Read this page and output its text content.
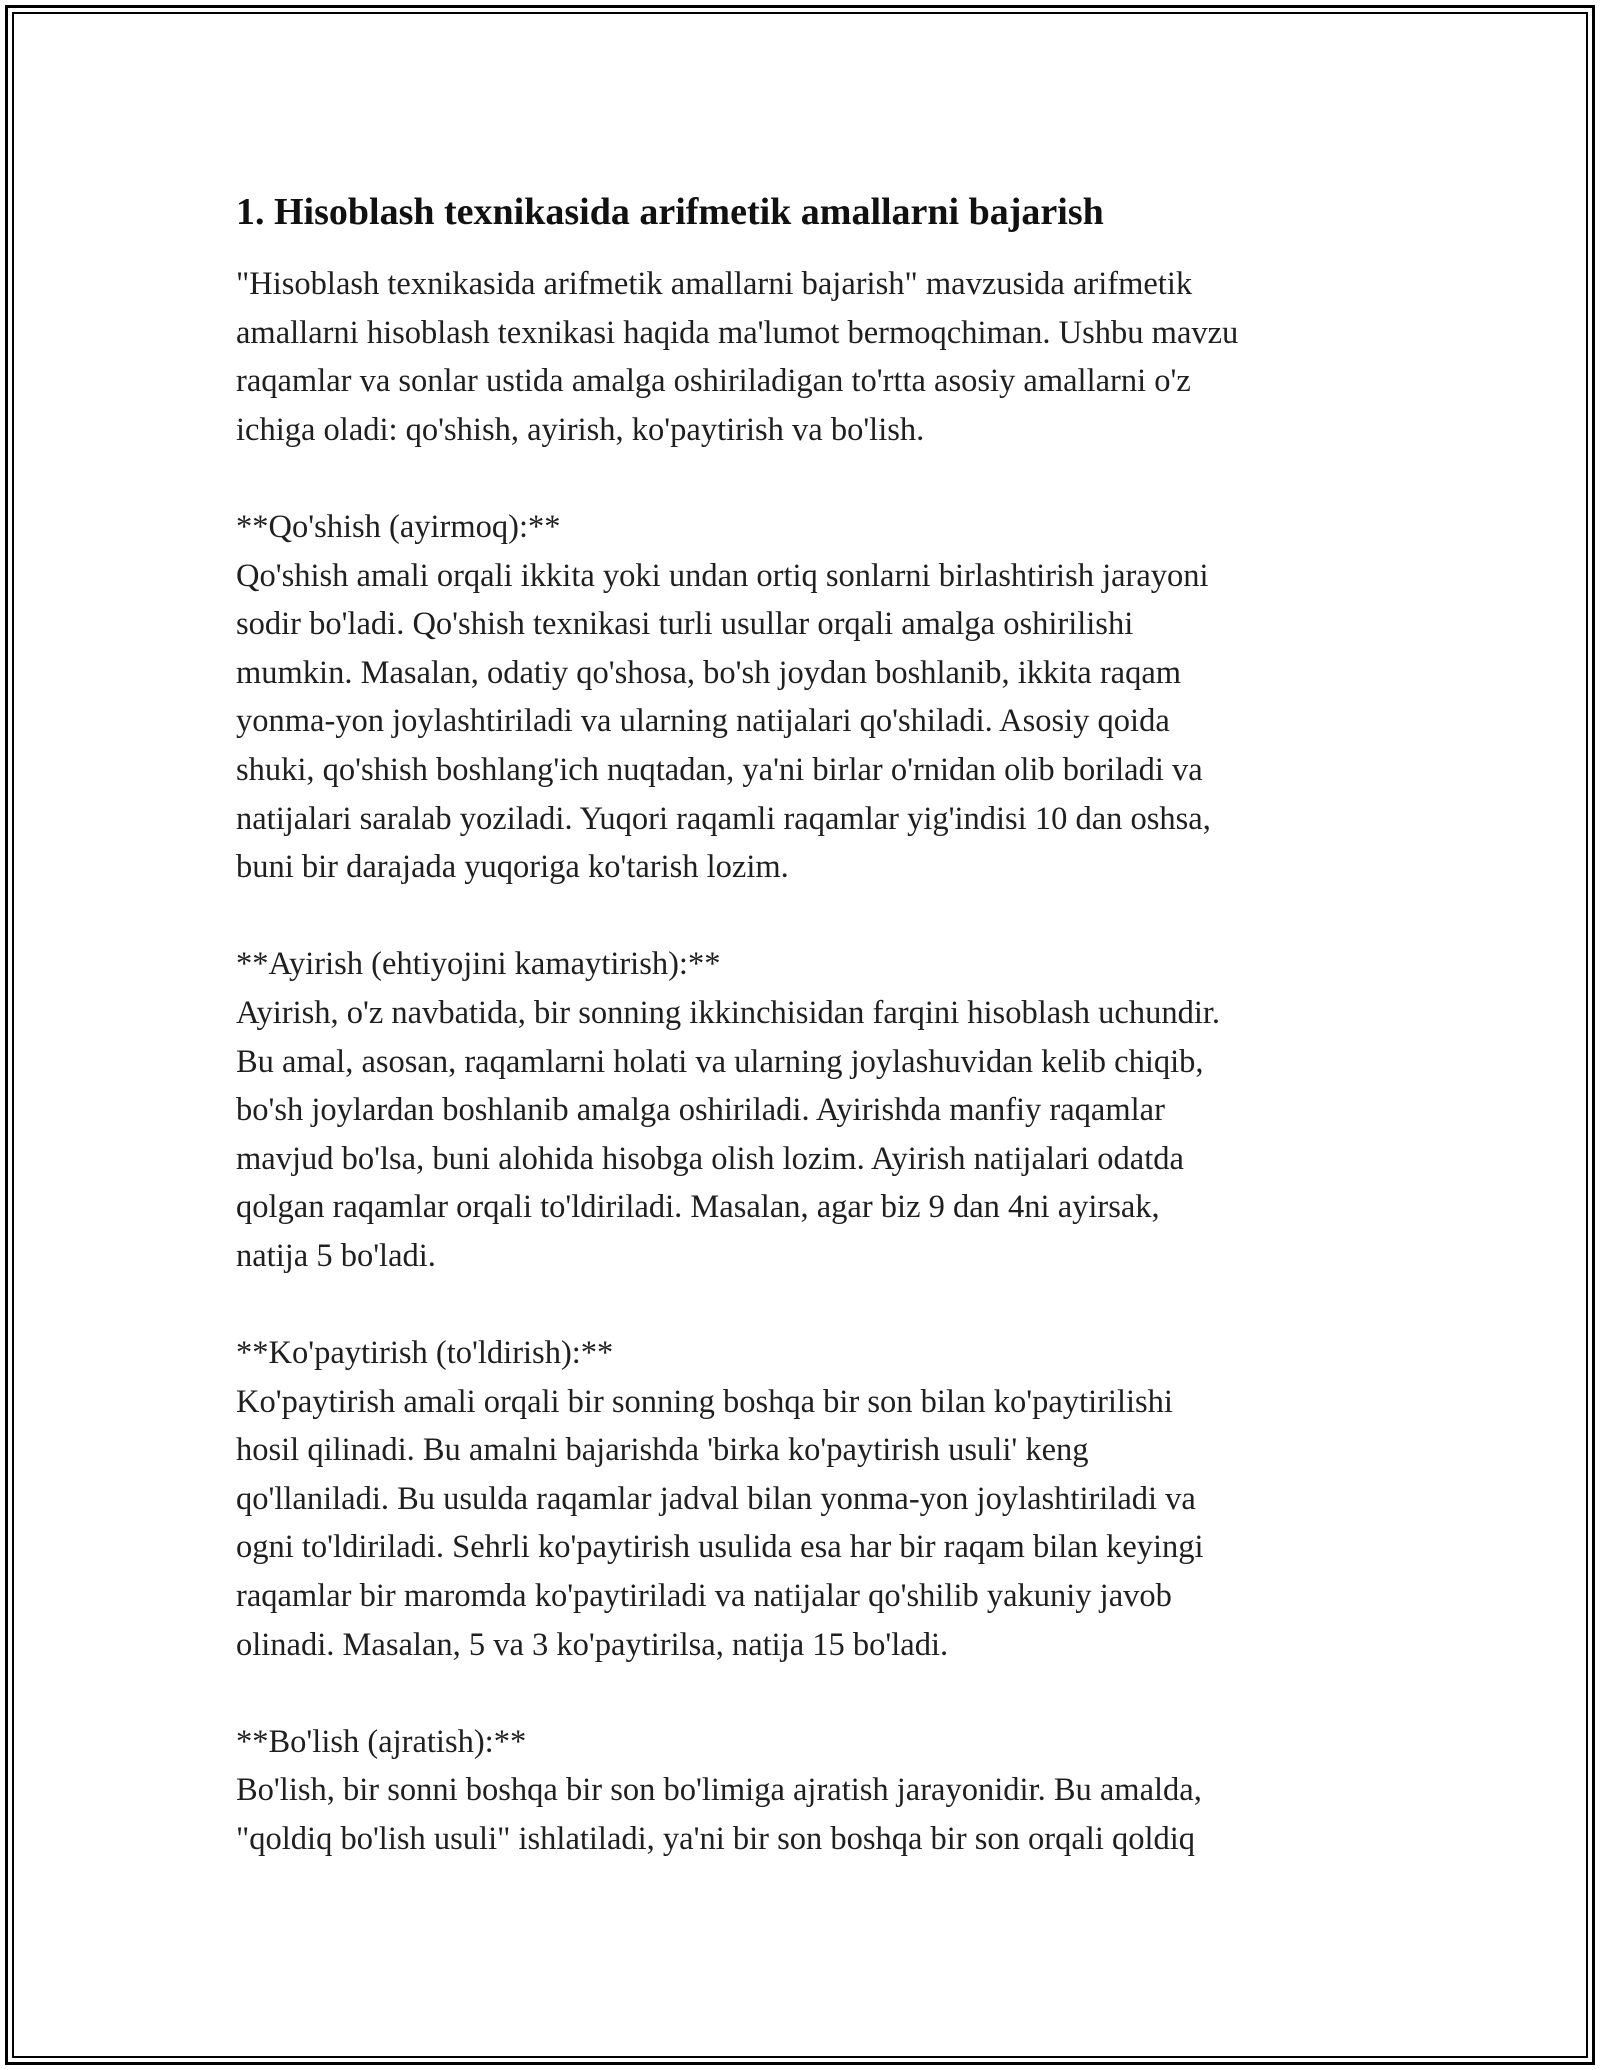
1. Hisoblash texnikasida arifmetik amallarni bajarish
"Hisoblash texnikasida arifmetik amallarni bajarish" mavzusida arifmetik
amallarni hisoblash texnikasi haqida ma'lumot bermoqchiman. Ushbu mavzu
raqamlar va sonlar ustida amalga oshiriladigan to'rtta asosiy amallarni o'z
ichiga oladi: qo'shish, ayirish, ko'paytirish va bo'lish.
**Qo'shish (ayirmoq):**
Qo'shish amali orqali ikkita yoki undan ortiq sonlarni birlashtirish jarayoni
sodir bo'ladi. Qo'shish texnikasi turli usullar orqali amalga oshirilishi
mumkin. Masalan, odatiy qo'shosa, bo'sh joydan boshlanib, ikkita raqam
yonma-yon joylashtiriladi va ularning natijalari qo'shiladi. Asosiy qoida
shuki, qo'shish boshlang'ich nuqtadan, ya'ni birlar o'rnidan olib boriladi va
natijalari saralab yoziladi. Yuqori raqamli raqamlar yig'indisi 10 dan oshsa,
buni bir darajada yuqoriga ko'tarish lozim.
**Ayirish (ehtiyojini kamaytirish):**
Ayirish, o'z navbatida, bir sonning ikkinchisidan farqini hisoblash uchundir.
Bu amal, asosan, raqamlarni holati va ularning joylashuvidan kelib chiqib,
bo'sh joylardan boshlanib amalga oshiriladi. Ayirishda manfiy raqamlar
mavjud bo'lsa, buni alohida hisobga olish lozim. Ayirish natijalari odatda
qolgan raqamlar orqali to'ldiriladi. Masalan, agar biz 9 dan 4ni ayirsak,
natija 5 bo'ladi.
**Ko'paytirish (to'ldirish):**
Ko'paytirish amali orqali bir sonning boshqa bir son bilan ko'paytirilishi
hosil qilinadi. Bu amalni bajarishda 'birka ko'paytirish usuli' keng
qo'llaniladi. Bu usulda raqamlar jadval bilan yonma-yon joylashtiriladi va
ogni to'ldiriladi. Sehrli ko'paytirish usulida esa har bir raqam bilan keyingi
raqamlar bir maromda ko'paytiriladi va natijalar qo'shilib yakuniy javob
olinadi. Masalan, 5 va 3 ko'paytirilsa, natija 15 bo'ladi.
**Bo'lish (ajratish):**
Bo'lish, bir sonni boshqa bir son bo'limiga ajratish jarayonidir. Bu amalda,
"qoldiq bo'lish usuli" ishlatiladi, ya'ni bir son boshqa bir son orqali qoldiq
